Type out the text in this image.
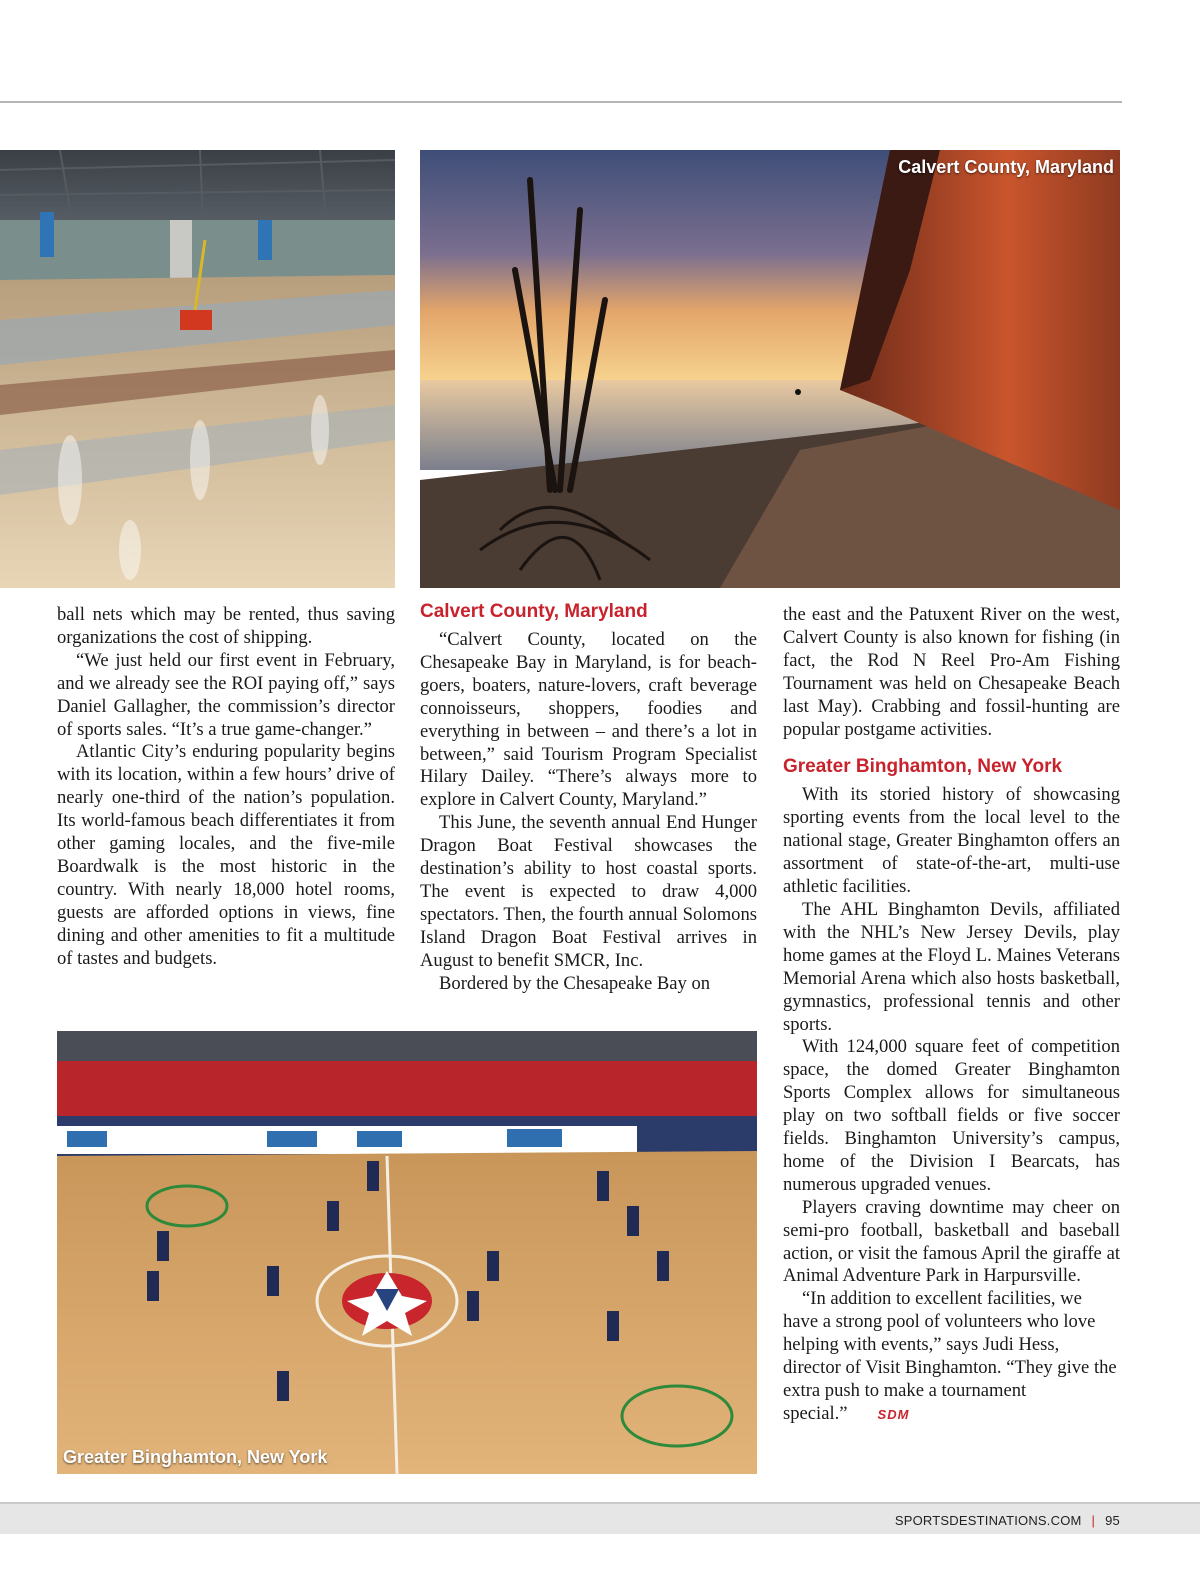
Calvert County, Maryland
Greater Binghamton, New York

ball nets which may be rented, thus saving organizations the cost of shipping.

“We just held our first event in February, and we already see the ROI paying off,” says Daniel Gallagher, the commission’s director of sports sales. “It’s a true game-changer.”

Atlantic City’s enduring popularity begins with its location, within a few hours’ drive of nearly one-third of the nation’s population. Its world-famous beach differentiates it from other gaming locales, and the five-mile Boardwalk is the most historic in the country. With nearly 18,000 hotel rooms, guests are afforded options in views, fine dining and other amenities to fit a multitude of tastes and budgets.

Calvert County, Maryland

“Calvert County, located on the Chesapeake Bay in Maryland, is for beach-goers, boaters, nature-lovers, craft beverage connoisseurs, shoppers, foodies and everything in between – and there’s a lot in between,” said Tourism Program Specialist Hilary Dailey. “There’s always more to explore in Calvert County, Maryland.”

This June, the seventh annual End Hunger Dragon Boat Festival showcases the destination’s ability to host coastal sports. The event is expected to draw 4,000 spectators. Then, the fourth annual Solomons Island Dragon Boat Festival arrives in August to benefit SMCR, Inc.

Bordered by the Chesapeake Bay on

the east and the Patuxent River on the west, Calvert County is also known for fishing (in fact, the Rod N Reel Pro-Am Fishing Tournament was held on Chesapeake Beach last May). Crabbing and fossil-hunting are popular postgame activities.

Greater Binghamton, New York

With its storied history of showcasing sporting events from the local level to the national stage, Greater Binghamton offers an assortment of state-of-the-art, multi-use athletic facilities.

The AHL Binghamton Devils, affiliated with the NHL’s New Jersey Devils, play home games at the Floyd L. Maines Veterans Memorial Arena which also hosts basketball, gymnastics, professional tennis and other sports.

With 124,000 square feet of competition space, the domed Greater Binghamton Sports Complex allows for simultaneous play on two softball fields or five soccer fields. Binghamton University’s campus, home of the Division I Bearcats, has numerous upgraded venues.

Players craving downtime may cheer on semi-pro football, basketball and baseball action, or visit the famous April the giraffe at Animal Adventure Park in Harpursville.

“In addition to excellent facilities, we have a strong pool of volunteers who love helping with events,” says Judi Hess, director of Visit Binghamton. “They give the extra push to make a tournament special.” SDM

SPORTSDESTINATIONS.COM | 95
